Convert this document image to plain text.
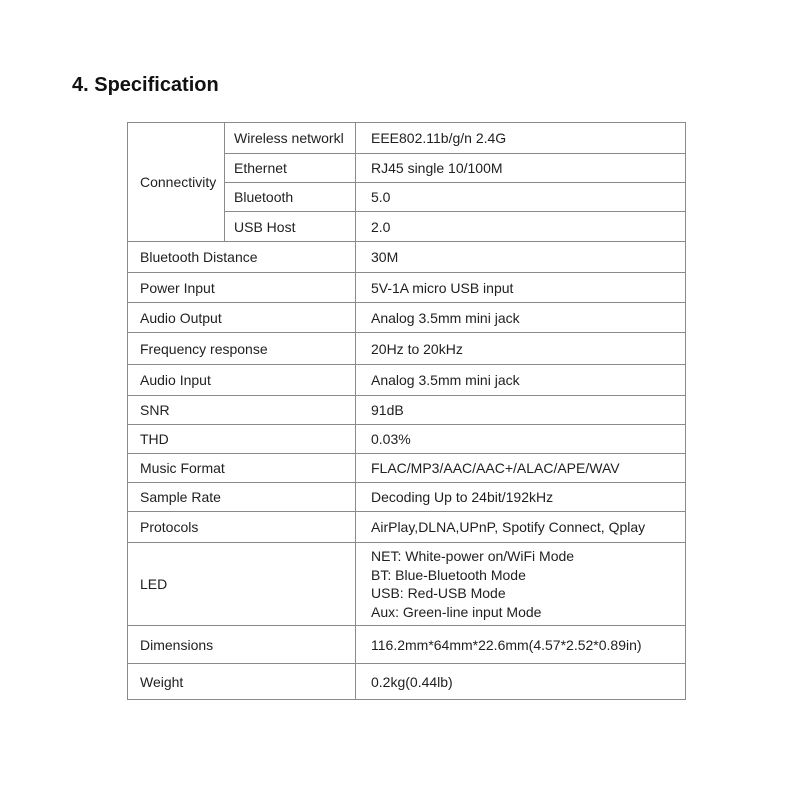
4. Specification
Connectivity	Wireless networkl	EEE802.11b/g/n 2.4G
	Ethernet	RJ45 single 10/100M
	Bluetooth	5.0
	USB Host	2.0
Bluetooth Distance		30M
Power Input		5V-1A micro USB input
Audio Output		Analog 3.5mm mini jack
Frequency response		20Hz to 20kHz
Audio Input		Analog 3.5mm mini jack
SNR		91dB
THD		0.03%
Music Format		FLAC/MP3/AAC/AAC+/ALAC/APE/WAV
Sample Rate		Decoding Up to 24bit/192kHz
Protocols		AirPlay,DLNA,UPnP, Spotify Connect, Qplay
LED		NET: White-power on/WiFi Mode
BT: Blue-Bluetooth Mode
USB: Red-USB Mode
Aux: Green-line input Mode

Dimensions		116.2mm*64mm*22.6mm(4.57*2.52*0.89in)
Weight		0.2kg(0.44lb)
